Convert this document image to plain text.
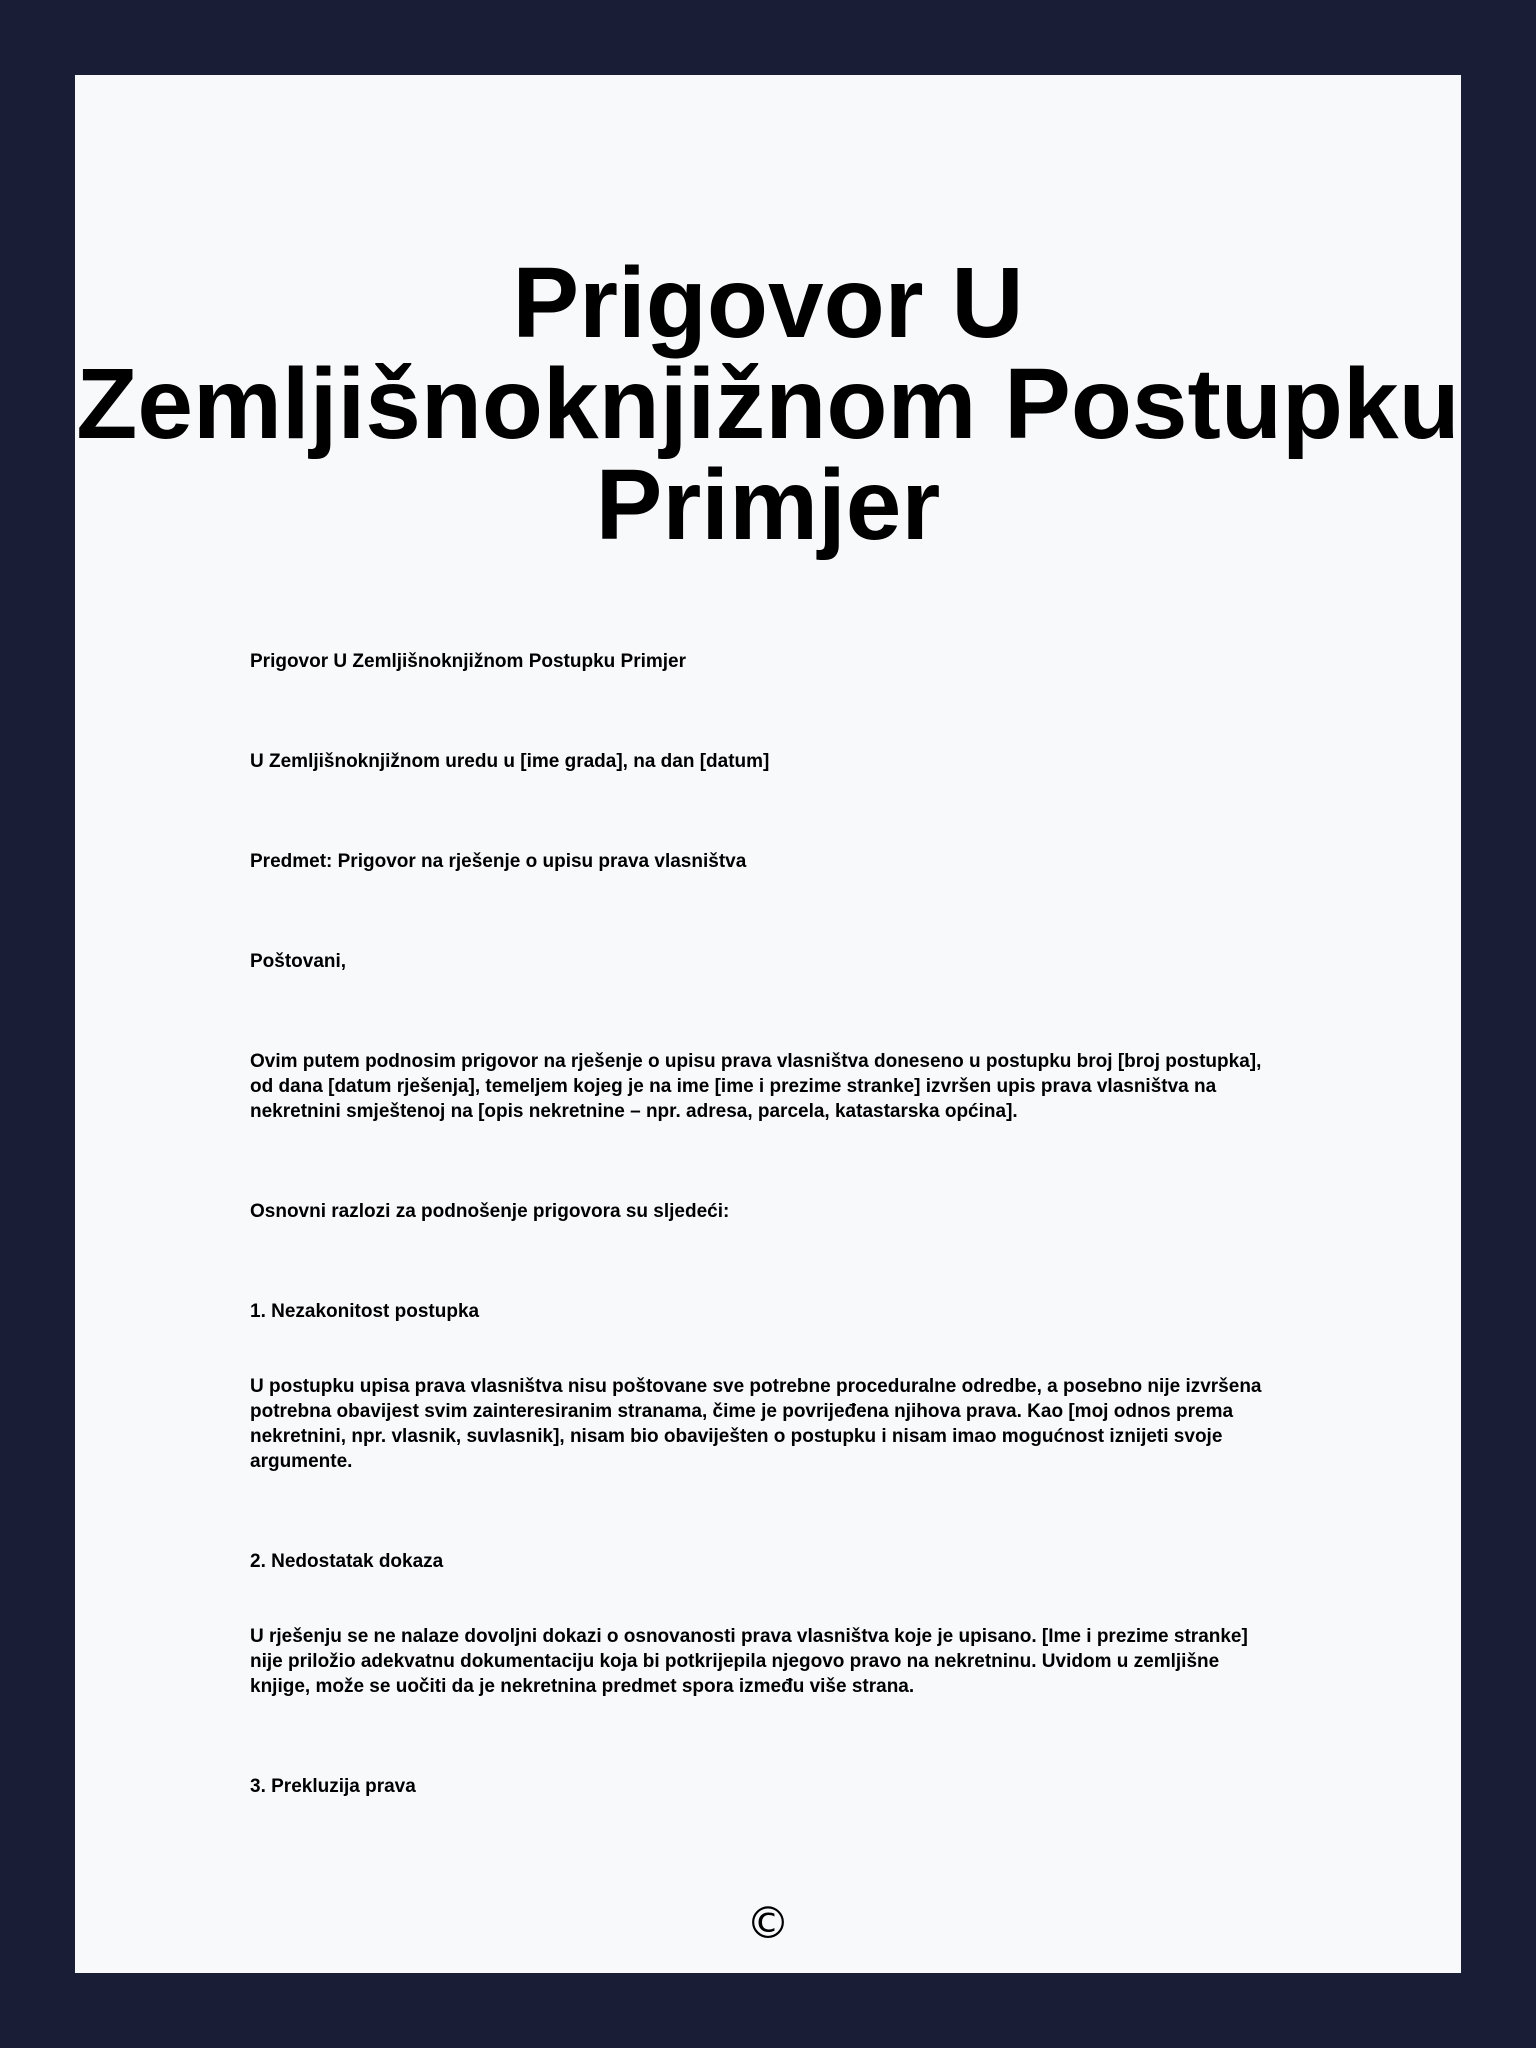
Prigovor U
Zemljišnoknjižnom Postupku
Primjer

Prigovor U Zemljišnoknjižnom Postupku Primjer

U Zemljišnoknjižnom uredu u [ime grada], na dan [datum]

Predmet: Prigovor na rješenje o upisu prava vlasništva

Poštovani,

Ovim putem podnosim prigovor na rješenje o upisu prava vlasništva doneseno u postupku broj [broj postupka], od dana [datum rješenja], temeljem kojeg je na ime [ime i prezime stranke] izvršen upis prava vlasništva na nekretnini smještenoj na [opis nekretnine – npr. adresa, parcela, katastarska općina].

Osnovni razlozi za podnošenje prigovora su sljedeći:

1. Nezakonitost postupka

U postupku upisa prava vlasništva nisu poštovane sve potrebne proceduralne odredbe, a posebno nije izvršena potrebna obavijest svim zainteresiranim stranama, čime je povrijeđena njihova prava. Kao [moj odnos prema nekretnini, npr. vlasnik, suvlasnik], nisam bio obaviješten o postupku i nisam imao mogućnost iznijeti svoje argumente.

2. Nedostatak dokaza

U rješenju se ne nalaze dovoljni dokazi o osnovanosti prava vlasništva koje je upisano. [Ime i prezime stranke] nije priložio adekvatnu dokumentaciju koja bi potkrijepila njegovo pravo na nekretninu. Uvidom u zemljišne knjige, može se uočiti da je nekretnina predmet spora između više strana.

3. Prekluzija prava

©
